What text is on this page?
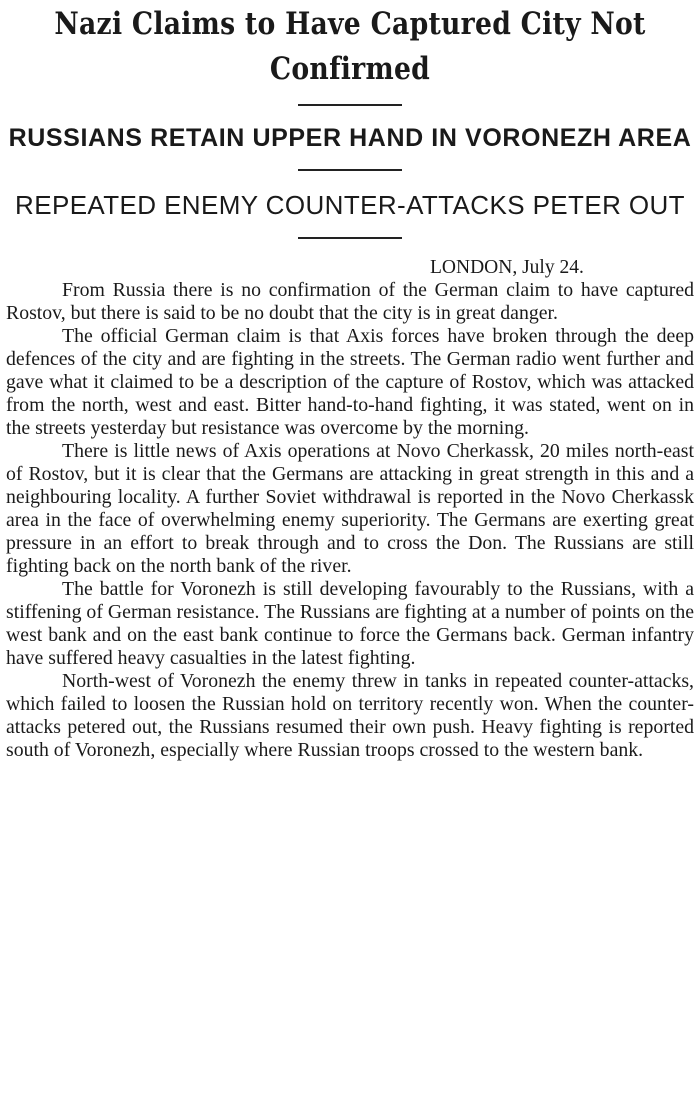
Nazi Claims to Have Captured City Not Confirmed
RUSSIANS RETAIN UPPER HAND IN VORONEZH AREA
REPEATED ENEMY COUNTER-ATTACKS PETER OUT
LONDON, July 24.

From Russia there is no confirmation of the German claim to have captured Rostov, but there is said to be no doubt that the city is in great danger.

The official German claim is that Axis forces have broken through the deep defences of the city and are fighting in the streets. The German radio went further and gave what it claimed to be a description of the capture of Rostov, which was attacked from the north, west and east. Bitter hand-to-hand fighting, it was stated, went on in the streets yesterday but resistance was overcome by the morning.

There is little news of Axis operations at Novo Cherkassk, 20 miles north-east of Rostov, but it is clear that the Germans are attacking in great strength in this and a neighbouring locality. A further Soviet withdrawal is reported in the Novo Cherkassk area in the face of overwhelming enemy superiority. The Germans are exerting great pressure in an effort to break through and to cross the Don. The Russians are still fighting back on the north bank of the river.

The battle for Voronezh is still developing favourably to the Russians, with a stiffening of German resistance. The Russians are fighting at a number of points on the west bank and on the east bank continue to force the Germans back. German infantry have suffered heavy casualties in the latest fighting.

North-west of Voronezh the enemy threw in tanks in repeated counter-attacks, which failed to loosen the Russian hold on territory recently won. When the counter-attacks petered out, the Russians resumed their own push. Heavy fighting is reported south of Voronezh, especially where Russian troops crossed to the western bank.
